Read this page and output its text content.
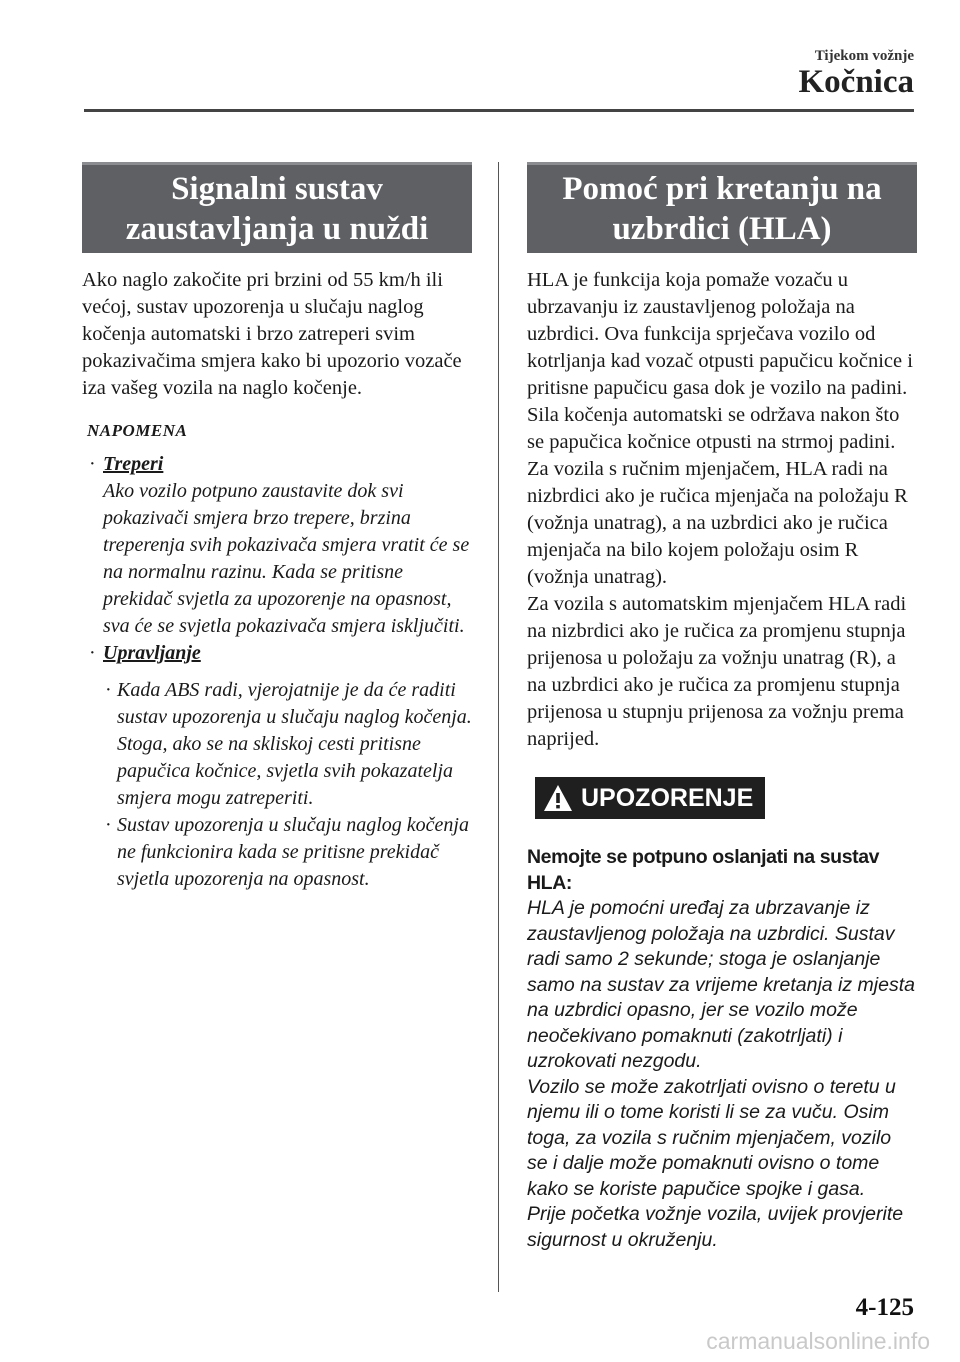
Tijekom vožnje
Kočnica
Signalni sustav
zaustavljanja u nuždi

Ako naglo zakočite pri brzini od 55 km/h ili većoj, sustav upozorenja u slučaju naglog kočenja automatski i brzo zatreperi svim pokazivačima smjera kako bi upozorio vozače iza vašeg vozila na naglo kočenje.

NAPOMENA
· Treperi
Ako vozilo potpuno zaustavite dok svi pokazivači smjera brzo trepere, brzina treperenja svih pokazivača smjera vratit će se na normalnu razinu. Kada se pritisne prekidač svjetla za upozorenje na opasnost, sva će se svjetla pokazivača smjera isključiti.
· Upravljanje
· Kada ABS radi, vjerojatnije je da će raditi sustav upozorenja u slučaju naglog kočenja. Stoga, ako se na skliskoj cesti pritisne papučica kočnice, svjetla svih pokazatelja smjera mogu zatreperiti.
· Sustav upozorenja u slučaju naglog kočenja ne funkcionira kada se pritisne prekidač svjetla upozorenja na opasnost.
Pomoć pri kretanju na
uzbrdici (HLA)

HLA je funkcija koja pomaže vozaču u ubrzavanju iz zaustavljenog položaja na uzbrdici. Ova funkcija sprječava vozilo od kotrljanja kad vozač otpusti papučicu kočnice i pritisne papučicu gasa dok je vozilo na padini. Sila kočenja automatski se održava nakon što se papučica kočnice otpusti na strmoj padini.
Za vozila s ručnim mjenjačem, HLA radi na nizbrdici ako je ručica mjenjača na položaju R (vožnja unatrag), a na uzbrdici ako je ručica mjenjača na bilo kojem položaju osim R (vožnja unatrag).
Za vozila s automatskim mjenjačem HLA radi na nizbrdici ako je ručica za promjenu stupnja prijenosa u položaju za vožnju unatrag (R), a na uzbrdici ako je ručica za promjenu stupnja prijenosa u stupnju prijenosa za vožnju prema naprijed.

UPOZORENJE
Nemojte se potpuno oslanjati na sustav HLA:
HLA je pomoćni uređaj za ubrzavanje iz zaustavljenog položaja na uzbrdici. Sustav radi samo 2 sekunde; stoga je oslanjanje samo na sustav za vrijeme kretanja iz mjesta na uzbrdici opasno, jer se vozilo može neočekivano pomaknuti (zakotrljati) i uzrokovati nezgodu.
Vozilo se može zakotrljati ovisno o teretu u njemu ili o tome koristi li se za vuču. Osim toga, za vozila s ručnim mjenjačem, vozilo se i dalje može pomaknuti ovisno o tome kako se koriste papučice spojke i gasa.
Prije početka vožnje vozila, uvijek provjerite sigurnost u okruženju.
4-125
carmanualsonline.info
